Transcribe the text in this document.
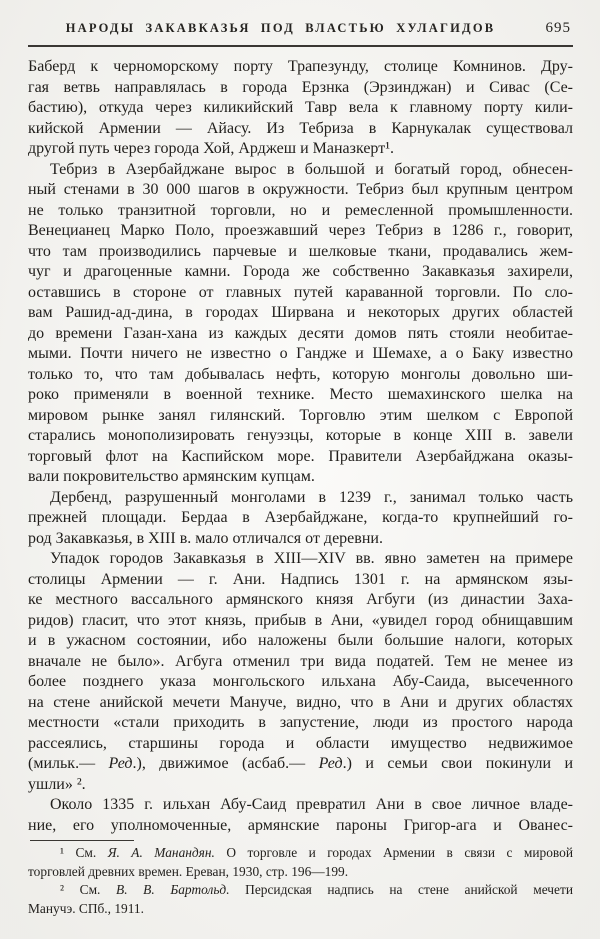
НАРОДЫ ЗАКАВКАЗЬЯ ПОД ВЛАСТЬЮ ХУЛАГИДОВ	695
Баберд к черноморскому порту Трапезунду, столице Комнинов. Дру-
гая ветвь направлялась в города Ерзнка (Эрзинджан) и Сивас (Се-
бастию), откуда через киликийский Тавр вела к главному порту кили-
кийской Армении — Айасу. Из Тебриза в Карнукалак существовал
другой путь через города Хой, Арджеш и Маназкерт¹.
Тебриз в Азербайджане вырос в большой и богатый город, обнесен-
ный стенами в 30 000 шагов в окружности. Тебриз был крупным центром
не только транзитной торговли, но и ремесленной промышленности.
Венецианец Марко Поло, проезжавший через Тебриз в 1286 г., говорит,
что там производились парчевые и шелковые ткани, продавались жем-
чуг и драгоценные камни. Города же собственно Закавказья захирели,
оставшись в стороне от главных путей караванной торговли. По сло-
вам Рашид-ад-дина, в городах Ширвана и некоторых других областей
до времени Газан-хана из каждых десяти домов пять стояли необитае-
мыми. Почти ничего не известно о Гандже и Шемахе, а о Баку известно
только то, что там добывалась нефть, которую монголы довольно ши-
роко применяли в военной технике. Место шемахинского шелка на
мировом рынке занял гилянский. Торговлю этим шелком с Европой
старались монополизировать генуэзцы, которые в конце XIII в. завели
торговый флот на Каспийском море. Правители Азербайджана оказы-
вали покровительство армянским купцам.
Дербенд, разрушенный монголами в 1239 г., занимал только часть
прежней площади. Бердаа в Азербайджане, когда-то крупнейший го-
род Закавказья, в XIII в. мало отличался от деревни.
Упадок городов Закавказья в XIII—XIV вв. явно заметен на примере
столицы Армении — г. Ани. Надпись 1301 г. на армянском язы-
ке местного вассального армянского князя Агбуги (из династии Заха-
ридов) гласит, что этот князь, прибыв в Ани, «увидел город обнищавшим
и в ужасном состоянии, ибо наложены были большие налоги, которых
вначале не было». Агбуга отменил три вида податей. Тем не менее из
более позднего указа монгольского ильхана Абу-Саида, высеченного
на стене анийской мечети Мануче, видно, что в Ани и других областях
местности «стали приходить в запустение, люди из простого народа
рассеялись, старшины города и области имущество недвижимое
(мильк.— Ред.), движимое (асбаб.— Ред.) и семьи свои покинули и
ушли» ².
Около 1335 г. ильхан Абу-Саид превратил Ани в свое личное владе-
ние, его уполномоченные, армянские пароны Григор-ага и Ованес-
¹ См. Я. А. Манандян. О торговле и городах Армении в связи с мировой
торговлей древних времен. Ереван, 1930, стр. 196—199.
² См. В. В. Бартольд. Персидская надпись на стене анийской мечети
Манучэ. СПб., 1911.
